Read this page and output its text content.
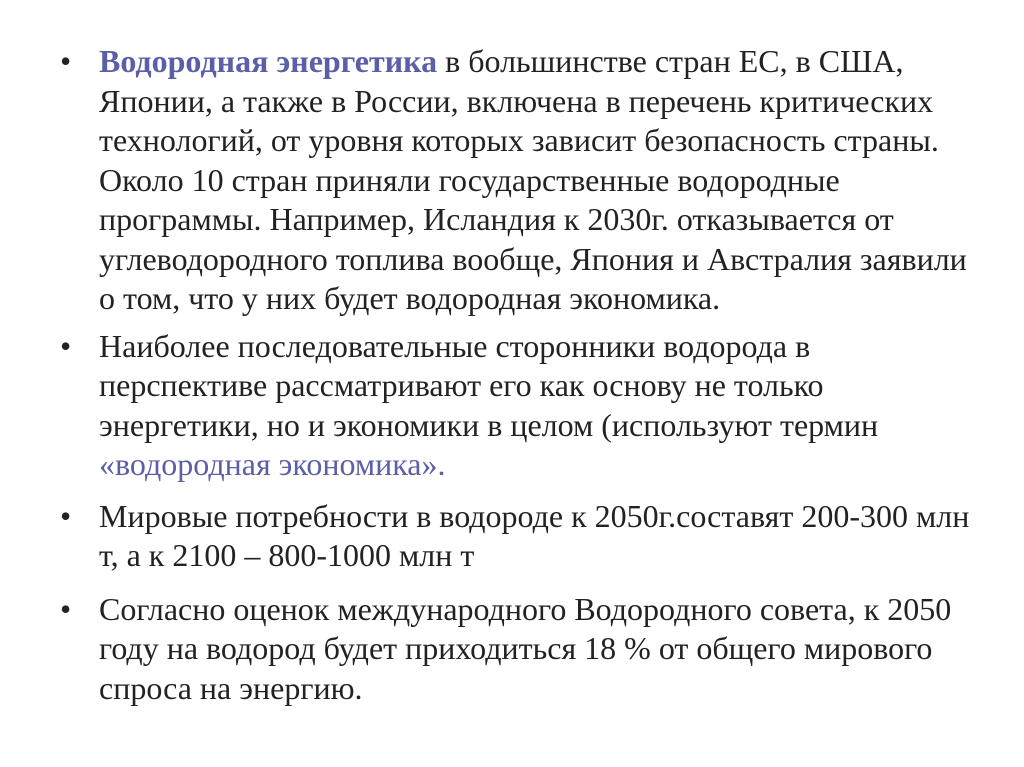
• Водородная энергетика в большинстве стран ЕС, в США, Японии, а также в России, включена в перечень критических технологий, от уровня которых зависит безопасность страны. Около 10 стран приняли государственные водородные программы. Например, Исландия к 2030г. отказывается от углеводородного топлива вообще, Япония и Австралия заявили о том, что у них будет водородная экономика.
• Наиболее последовательные сторонники водорода в перспективе рассматривают его как основу не только энергетики, но и экономики в целом (используют термин «водородная экономика».
• Мировые потребности в водороде к 2050г.составят 200-300 млн т, а к 2100 – 800-1000 млн т
• Согласно оценок международного Водородного совета, к 2050 году на водород будет приходиться 18 % от общего мирового спроса на энергию.
